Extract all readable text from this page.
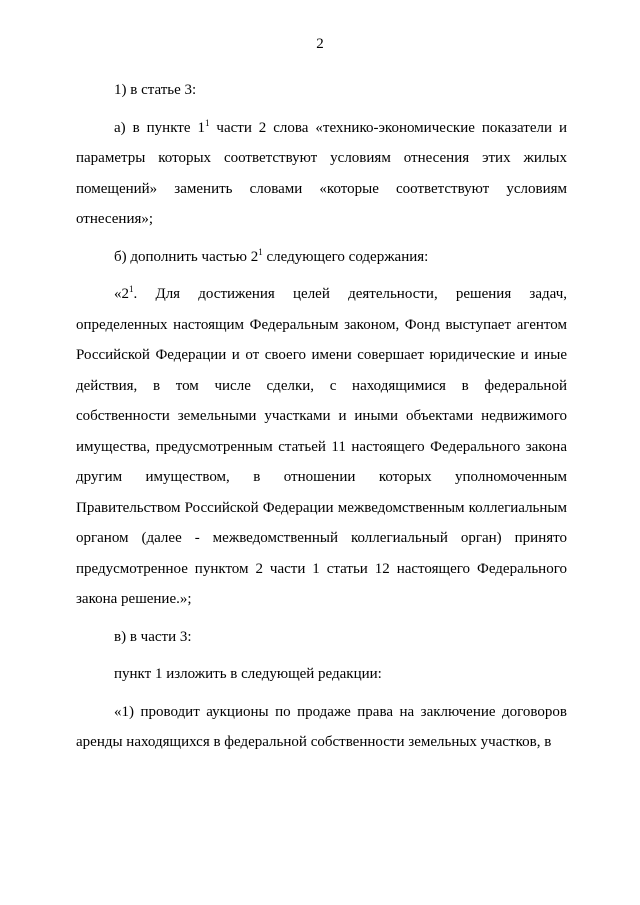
2

1) в статье 3:

а) в пункте $1^1$ части 2 слова «технико-экономические показатели и параметры которых соответствуют условиям отнесения этих жилых помещений» заменить словами «которые соответствуют условиям отнесения»;

б) дополнить частью $2^1$ следующего содержания:

«$2^1$. Для достижения целей деятельности, решения задач, определенных настоящим Федеральным законом, Фонд выступает агентом Российской Федерации и от своего имени совершает юридические и иные действия, в том числе сделки, с находящимися в федеральной собственности земельными участками и иными объектами недвижимого имущества, предусмотренным статьей 11 настоящего Федерального закона другим имуществом, в отношении которых уполномоченным Правительством Российской Федерации межведомственным коллегиальным органом (далее - межведомственный коллегиальный орган) принято предусмотренное пунктом 2 части 1 статьи 12 настоящего Федерального закона решение.»;

в) в части 3:

пункт 1 изложить в следующей редакции:

«1) проводит аукционы по продаже права на заключение договоров аренды находящихся в федеральной собственности земельных участков, в
